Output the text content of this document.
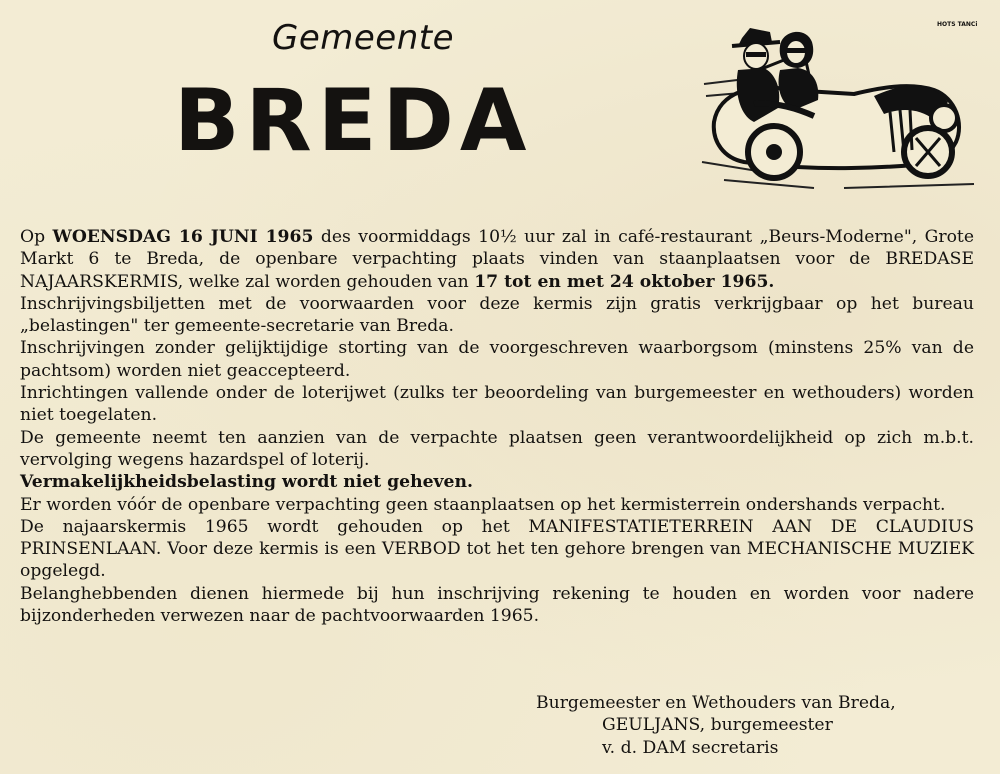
Gemeente
BREDA
HOTS TANCi

Op WOENSDAG 16 JUNI 1965 des voormiddags 10½ uur zal in café-restaurant „Beurs-Moderne", Grote Markt 6 te Breda, de openbare verpachting plaats vinden van staanplaatsen voor de BREDASE NAJAARSKERMIS, welke zal worden gehouden van 17 tot en met 24 oktober 1965.

Inschrijvingsbiljetten met de voorwaarden voor deze kermis zijn gratis verkrijgbaar op het bureau „belastingen" ter gemeente-secretarie van Breda.

Inschrijvingen zonder gelijktijdige storting van de voorgeschreven waarborgsom (minstens 25% van de pachtsom) worden niet geaccepteerd.

Inrichtingen vallende onder de loterijwet (zulks ter beoordeling van burgemeester en wethouders) worden niet toegelaten.

De gemeente neemt ten aanzien van de verpachte plaatsen geen verantwoordelijkheid op zich m.b.t. vervolging wegens hazardspel of loterij.

Vermakelijkheidsbelasting wordt niet geheven.

Er worden vóór de openbare verpachting geen staanplaatsen op het kermisterrein ondershands verpacht.

De najaarskermis 1965 wordt gehouden op het MANIFESTATIETERREIN AAN DE CLAUDIUS PRINSENLAAN. Voor deze kermis is een VERBOD tot het ten gehore brengen van MECHANISCHE MUZIEK opgelegd.

Belanghebbenden dienen hiermede bij hun inschrijving rekening te houden en worden voor nadere bijzonderheden verwezen naar de pachtvoorwaarden 1965.

Burgemeester en Wethouders van Breda,
GEULJANS, burgemeester
v. d. DAM secretaris
